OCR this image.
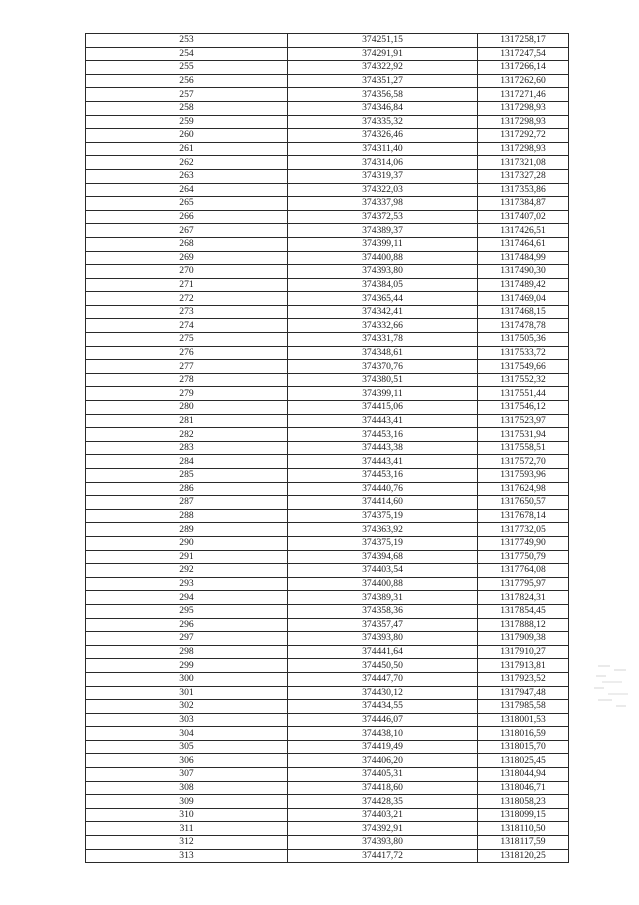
253	374251,15	1317258,17
254	374291,91	1317247,54
255	374322,92	1317266,14
256	374351,27	1317262,60
257	374356,58	1317271,46
258	374346,84	1317298,93
259	374335,32	1317298,93
260	374326,46	1317292,72
261	374311,40	1317298,93
262	374314,06	1317321,08
263	374319,37	1317327,28
264	374322,03	1317353,86
265	374337,98	1317384,87
266	374372,53	1317407,02
267	374389,37	1317426,51
268	374399,11	1317464,61
269	374400,88	1317484,99
270	374393,80	1317490,30
271	374384,05	1317489,42
272	374365,44	1317469,04
273	374342,41	1317468,15
274	374332,66	1317478,78
275	374331,78	1317505,36
276	374348,61	1317533,72
277	374370,76	1317549,66
278	374380,51	1317552,32
279	374399,11	1317551,44
280	374415,06	1317546,12
281	374443,41	1317523,97
282	374453,16	1317531,94
283	374443,38	1317558,51
284	374443,41	1317572,70
285	374453,16	1317593,96
286	374440,76	1317624,98
287	374414,60	1317650,57
288	374375,19	1317678,14
289	374363,92	1317732,05
290	374375,19	1317749,90
291	374394,68	1317750,79
292	374403,54	1317764,08
293	374400,88	1317795,97
294	374389,31	1317824,31
295	374358,36	1317854,45
296	374357,47	1317888,12
297	374393,80	1317909,38
298	374441,64	1317910,27
299	374450,50	1317913,81
300	374447,70	1317923,52
301	374430,12	1317947,48
302	374434,55	1317985,58
303	374446,07	1318001,53
304	374438,10	1318016,59
305	374419,49	1318015,70
306	374406,20	1318025,45
307	374405,31	1318044,94
308	374418,60	1318046,71
309	374428,35	1318058,23
310	374403,21	1318099,15
311	374392,91	1318110,50
312	374393,80	1318117,59
313	374417,72	1318120,25
